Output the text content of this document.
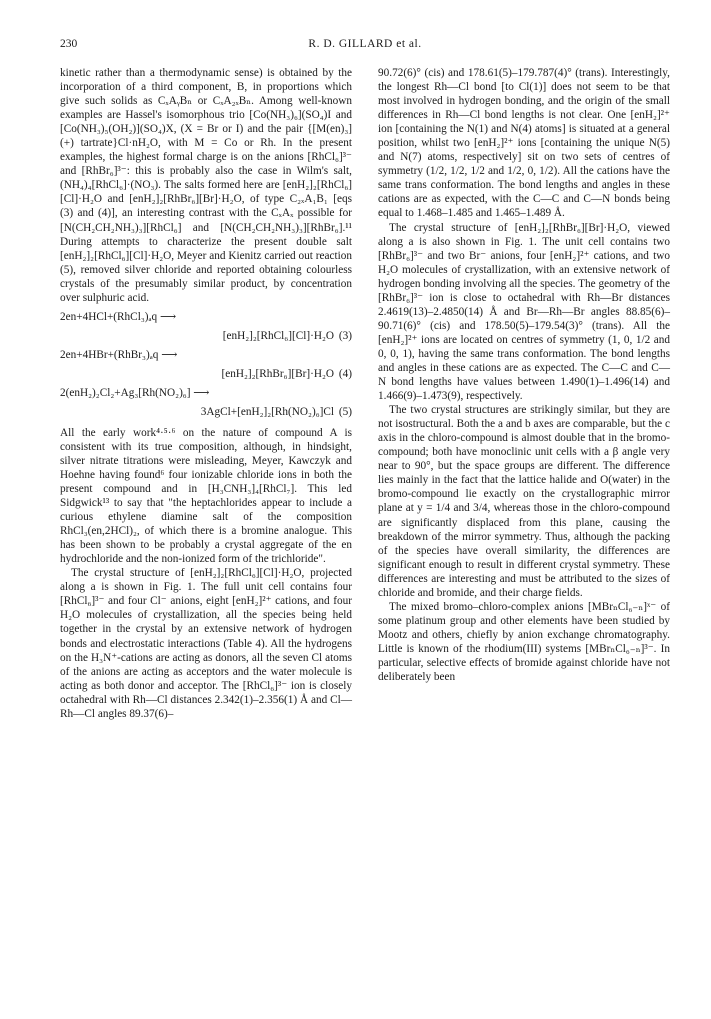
230	R. D. GILLARD et al.

kinetic rather than a thermodynamic sense) is obtained by the incorporation of a third component, B, in proportions which give such solids as CₓAᵧBₙ or CₓA₂ₓBₙ. Among well-known examples are Hassel's isomorphous trio [Co(NH₃)₆](SO₄)I and [Co(NH₃)₅(OH₂)](SO₄)X, (X = Br or I) and the pair {[M(en)₃](+) tartrate}Cl·nH₂O, with M = Co or Rh. In the present examples, the highest formal charge is on the anions [RhCl₆]³⁻ and [RhBr₆]³⁻: this is probably also the case in Wilm's salt, (NH₄)₄[RhCl₆]·(NO₃). The salts formed here are [enH₂]₂[RhCl₆][Cl]·H₂O and [enH₂]₂[RhBr₆][Br]·H₂O, of type C₂ₓA₁B₁ [eqs (3) and (4)], an interesting contrast with the CₓAₓ possible for [N(CH₂CH₂NH₃)₃][RhCl₆] and [N(CH₂CH₂NH₃)₃][RhBr₆].¹¹ During attempts to characterize the present double salt [enH₂]₂[RhCl₆][Cl]·H₂O, Meyer and Kienitz carried out reaction (5), removed silver chloride and reported obtaining colourless crystals of the presumably similar product, by concentration over sulphuric acid.

2en+4HCl+(RhCl₃)ₐq ⟶
[enH₂]₂[RhCl₆][Cl]·H₂O (3)
2en+4HBr+(RhBr₃)ₐq ⟶
[enH₂]₂[RhBr₆][Br]·H₂O (4)
2(enH₂)₂Cl₂+Ag₃[Rh(NO₂)₆] ⟶
3AgCl+[enH₂]₂[Rh(NO₂)₆]Cl (5)

All the early work⁴·⁵·⁶ on the nature of compound A is consistent with its true composition, although, in hindsight, silver nitrate titrations were misleading, Meyer, Kawczyk and Hoehne having found⁶ four ionizable chloride ions in both the present compound and in [H₃CNH₃]₄[RhCl₇]. This led Sidgwick¹³ to say that "the heptachlorides appear to include a curious ethylene diamine salt of the composition RhCl₃(en,2HCl)₂, of which there is a bromine analogue. This has been shown to be probably a crystal aggregate of the en hydrochloride and the non-ionized form of the trichloride".

The crystal structure of [enH₂]₂[RhCl₆][Cl]·H₂O, projected along a is shown in Fig. 1. The full unit cell contains four [RhCl₆]³⁻ and four Cl⁻ anions, eight [enH₂]²⁺ cations, and four H₂O molecules of crystallization, all the species being held together in the crystal by an extensive network of hydrogen bonds and electrostatic interactions (Table 4). All the hydrogens on the H₃N⁺-cations are acting as donors, all the seven Cl atoms of the anions are acting as acceptors and the water molecule is acting as both donor and acceptor. The [RhCl₆]³⁻ ion is closely octahedral with Rh—Cl distances 2.342(1)–2.356(1) Å and Cl—Rh—Cl angles 89.37(6)–

90.72(6)° (cis) and 178.61(5)–179.787(4)° (trans). Interestingly, the longest Rh—Cl bond [to Cl(1)] does not seem to be that most involved in hydrogen bonding, and the origin of the small differences in Rh—Cl bond lengths is not clear. One [enH₂]²⁺ ion [containing the N(1) and N(4) atoms] is situated at a general position, whilst two [enH₂]²⁺ ions [containing the unique N(5) and N(7) atoms, respectively] sit on two sets of centres of symmetry (1/2, 1/2, 1/2 and 1/2, 0, 1/2). All the cations have the same trans conformation. The bond lengths and angles in these cations are as expected, with the C—C and C—N bonds being equal to 1.468–1.485 and 1.465–1.489 Å.

The crystal structure of [enH₂]₂[RhBr₆][Br]·H₂O, viewed along a is also shown in Fig. 1. The unit cell contains two [RhBr₆]³⁻ and two Br⁻ anions, four [enH₂]²⁺ cations, and two H₂O molecules of crystallization, with an extensive network of hydrogen bonding involving all the species. The geometry of the [RhBr₆]³⁻ ion is close to octahedral with Rh—Br distances 2.4619(13)–2.4850(14) Å and Br—Rh—Br angles 88.85(6)–90.71(6)° (cis) and 178.50(5)–179.54(3)° (trans). All the [enH₂]²⁺ ions are located on centres of symmetry (1, 0, 1/2 and 0, 0, 1), having the same trans conformation. The bond lengths and angles in these cations are as expected. The C—C and C—N bond lengths have values between 1.490(1)–1.496(14) and 1.466(9)–1.473(9), respectively.

The two crystal structures are strikingly similar, but they are not isostructural. Both the a and b axes are comparable, but the c axis in the chloro-compound is almost double that in the bromo-compound; both have monoclinic unit cells with a β angle very near to 90°, but the space groups are different. The difference lies mainly in the fact that the lattice halide and O(water) in the bromo-compound lie exactly on the crystallographic mirror plane at y = 1/4 and 3/4, whereas those in the chloro-compound are significantly displaced from this plane, causing the breakdown of the mirror symmetry. Thus, although the packing of the species have overall similarity, the differences are significant enough to result in different crystal symmetry. These differences are interesting and must be attributed to the sizes of chloride and bromide, and their charge fields.

The mixed bromo–chloro-complex anions [MBrₙCl₆₋ₙ]ˣ⁻ of some platinum group and other elements have been studied by Mootz and others, chiefly by anion exchange chromatography. Little is known of the rhodium(III) systems [MBrₙCl₆₋ₙ]³⁻. In particular, selective effects of bromide against chloride have not deliberately been
